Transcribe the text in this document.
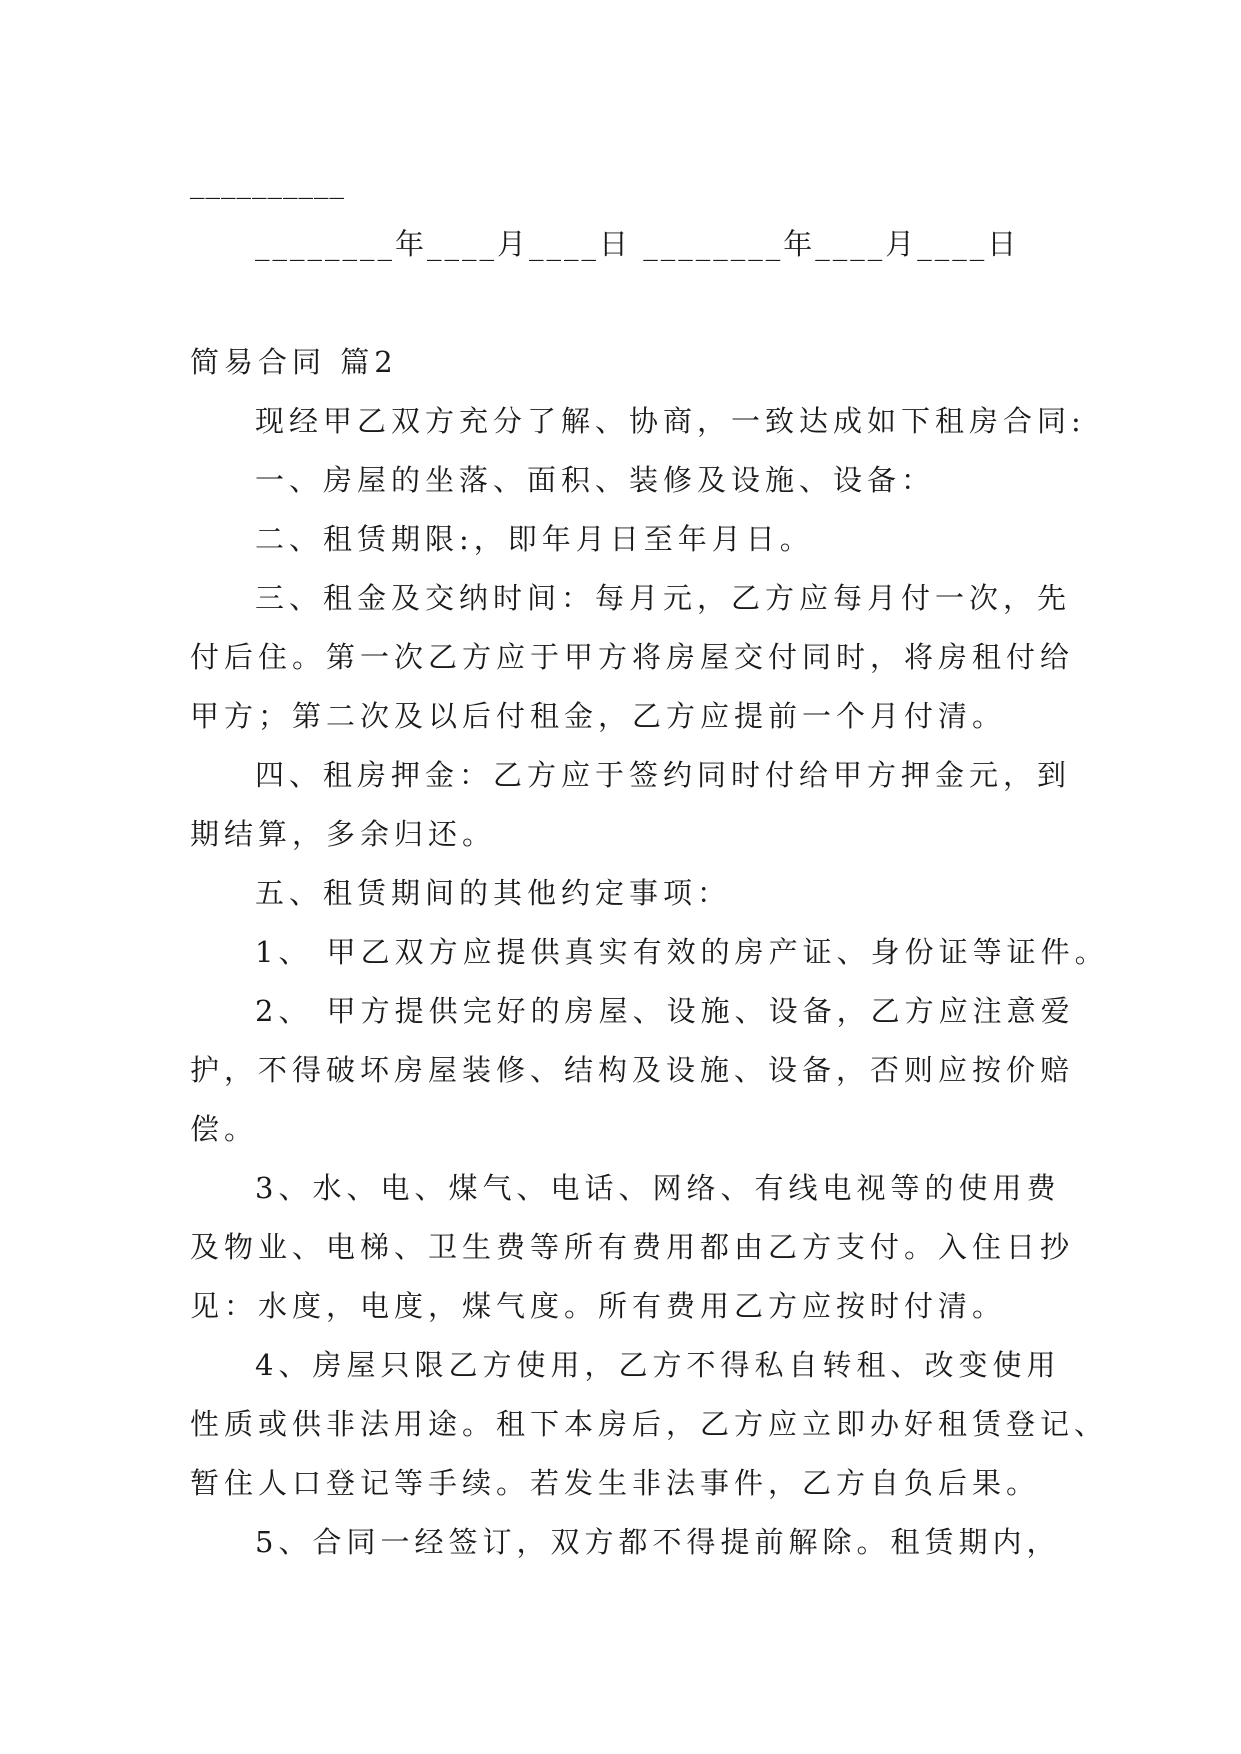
__________
________年____月____日 ________年____月____日
简易合同 篇2
现经甲乙双方充分了解、协商，一致达成如下租房合同:
一、房屋的坐落、面积、装修及设施、设备：
二、租赁期限:，即年月日至年月日。
三、租金及交纳时间：每月元，乙方应每月付一次，先
付后住。第一次乙方应于甲方将房屋交付同时，将房租付给
甲方；第二次及以后付租金，乙方应提前一个月付清。
四、租房押金：乙方应于签约同时付给甲方押金元，到
期结算，多余归还。
五、租赁期间的其他约定事项：
1、 甲乙双方应提供真实有效的房产证、身份证等证件。
2、 甲方提供完好的房屋、设施、设备，乙方应注意爱
护，不得破坏房屋装修、结构及设施、设备，否则应按价赔
偿。
3、水、电、煤气、电话、网络、有线电视等的使用费
及物业、电梯、卫生费等所有费用都由乙方支付。入住日抄
见：水度，电度，煤气度。所有费用乙方应按时付清。
4、房屋只限乙方使用，乙方不得私自转租、改变使用
性质或供非法用途。租下本房后，乙方应立即办好租赁登记、
暂住人口登记等手续。若发生非法事件，乙方自负后果。
5、合同一经签订，双方都不得提前解除。租赁期内，
